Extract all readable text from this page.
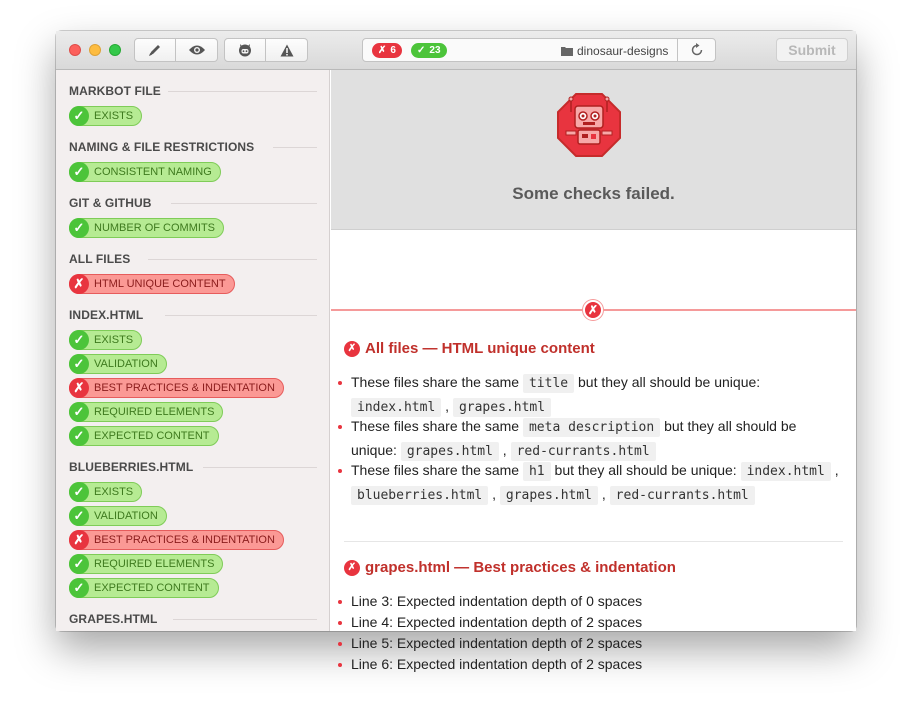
✗ 6 ✓ 23	dinosaur-designs	Submit
MARKBOT FILE
✓ EXISTS
NAMING & FILE RESTRICTIONS
✓ CONSISTENT NAMING
GIT & GITHUB
✓ NUMBER OF COMMITS
ALL FILES
✗ HTML UNIQUE CONTENT
INDEX.HTML
✓ EXISTS
✓ VALIDATION
✗ BEST PRACTICES & INDENTATION
✓ REQUIRED ELEMENTS
✓ EXPECTED CONTENT
BLUEBERRIES.HTML
✓ EXISTS
✓ VALIDATION
✗ BEST PRACTICES & INDENTATION
✓ REQUIRED ELEMENTS
✓ EXPECTED CONTENT
GRAPES.HTML
Some checks failed.
✗
✗ All files — HTML unique content
These files share the same title but they all should be unique: index.html , grapes.html
These files share the same meta description but they all should be unique: grapes.html , red-currants.html
These files share the same h1 but they all should be unique: index.html , blueberries.html , grapes.html , red-currants.html
✗ grapes.html — Best practices & indentation
Line 3: Expected indentation depth of 0 spaces
Line 4: Expected indentation depth of 2 spaces
Line 5: Expected indentation depth of 2 spaces
Line 6: Expected indentation depth of 2 spaces
